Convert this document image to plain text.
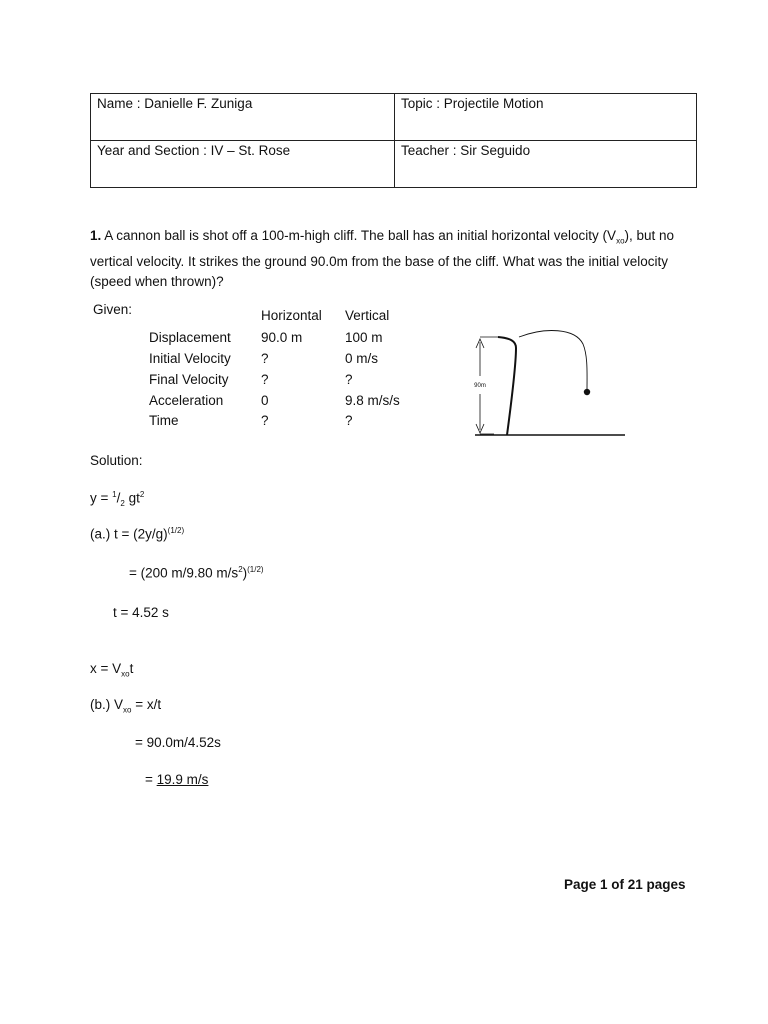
Name : Danielle F. Zuniga	Topic : Projectile Motion
Year and Section : IV – St. Rose	Teacher : Sir Seguido
1. A cannon ball is shot off a 100-m-high cliff. The ball has an initial horizontal velocity $(V_{xo})$, but no vertical velocity. It strikes the ground 90.0m from the base of the cliff. What was the initial velocity (speed when thrown)?
Given:	Horizontal Vertical
Displacement 90.0 m	100 m
Initial Velocity ?	0 m/s
Final Velocity ?	?
Acceleration	0	9.8 m/s/s
Time	?	?
90m
Solution:
$y = ^1/_2$ $gt^2$
(a.) $t = (2y/g)^{(1/2)}$
= (200 m/9.80 $m/s^2)^{(1/2)}$
t = 4.52 s
$x = V_{xo}t$
(b.) $V_{xo} = x/t$
= 90.0m/4.52s
= 19.9 m/s
Page 1 of 21 pages
